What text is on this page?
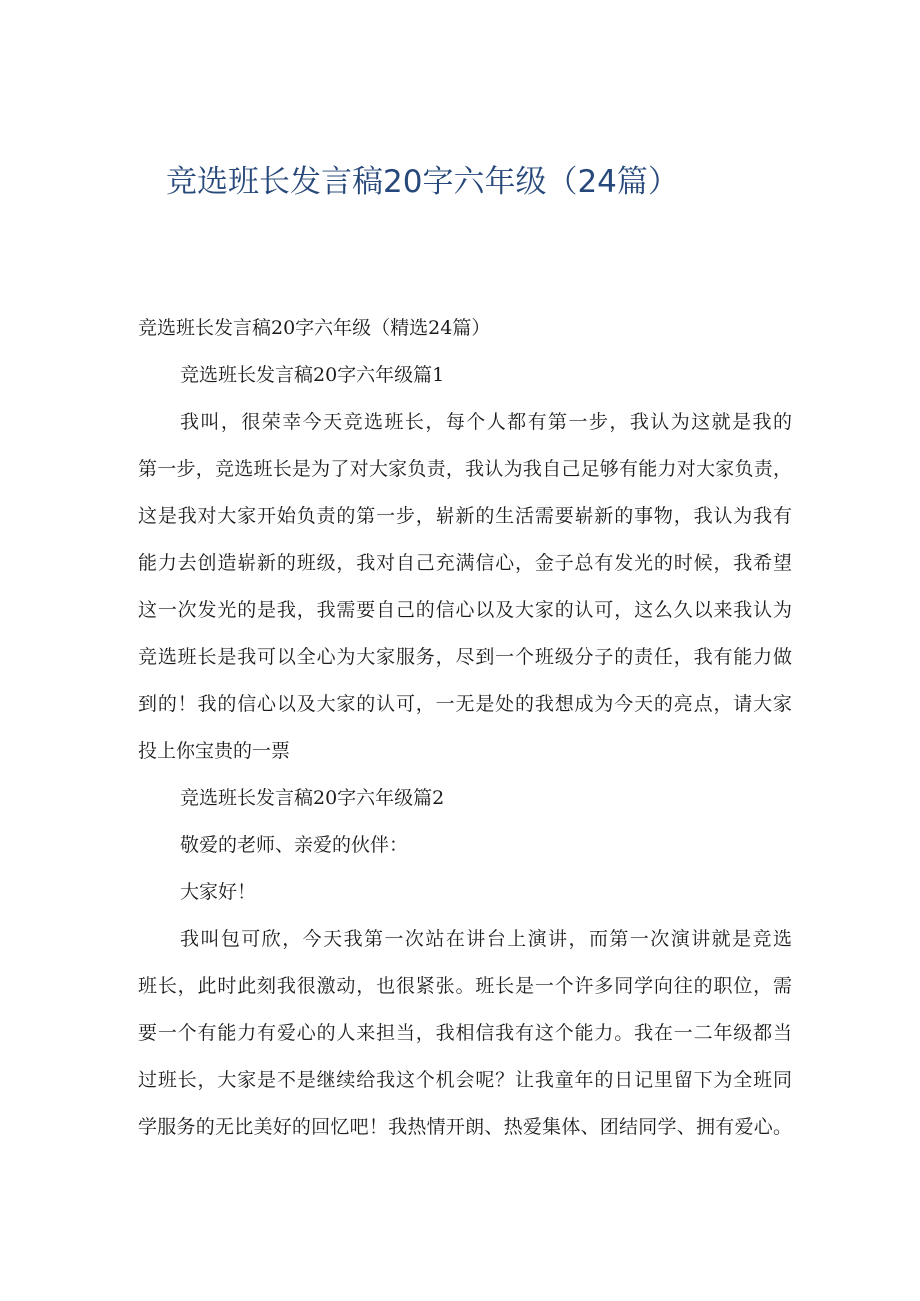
竞选班长发言稿20字六年级（24篇）

竞选班长发言稿20字六年级（精选24篇）

竞选班长发言稿20字六年级篇1

我叫，很荣幸今天竞选班长，每个人都有第一步，我认为这就是我的

第一步，竞选班长是为了对大家负责，我认为我自己足够有能力对大家负责，

这是我对大家开始负责的第一步，崭新的生活需要崭新的事物，我认为我有

能力去创造崭新的班级，我对自己充满信心，金子总有发光的时候，我希望

这一次发光的是我，我需要自己的信心以及大家的认可，这么久以来我认为

竞选班长是我可以全心为大家服务，尽到一个班级分子的责任，我有能力做

到的！我的信心以及大家的认可，一无是处的我想成为今天的亮点，请大家

投上你宝贵的一票

竞选班长发言稿20字六年级篇2

敬爱的老师、亲爱的伙伴：

大家好！

我叫包可欣，今天我第一次站在讲台上演讲，而第一次演讲就是竞选

班长，此时此刻我很激动，也很紧张。班长是一个许多同学向往的职位，需

要一个有能力有爱心的人来担当，我相信我有这个能力。我在一二年级都当

过班长，大家是不是继续给我这个机会呢？让我童年的日记里留下为全班同

学服务的无比美好的回忆吧！我热情开朗、热爱集体、团结同学、拥有爱心。
